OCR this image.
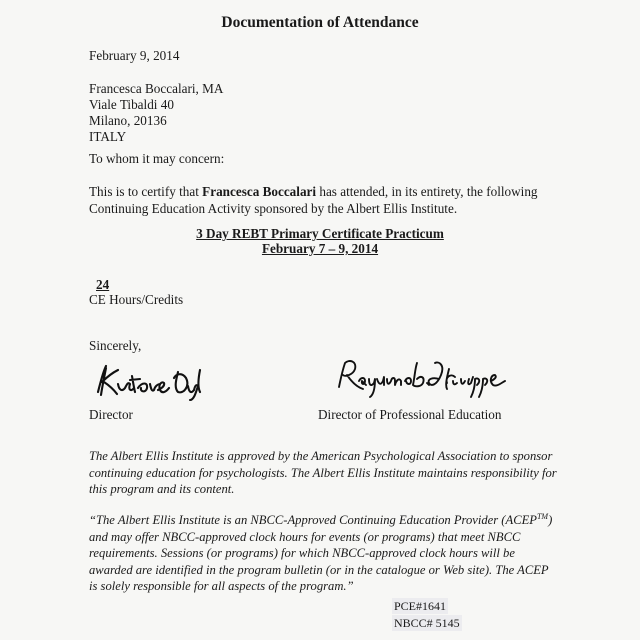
Documentation of Attendance
February 9, 2014
Francesca Boccalari, MA
Viale Tibaldi 40
Milano, 20136
ITALY
To whom it may concern:
This is to certify that Francesca Boccalari has attended, in its entirety, the following
Continuing Education Activity sponsored by the Albert Ellis Institute.
3 Day REBT Primary Certificate Practicum
February 7 – 9, 2014
24
CE Hours/Credits
Sincerely,
Director	Director of Professional Education
The Albert Ellis Institute is approved by the American Psychological Association to sponsor
continuing education for psychologists. The Albert Ellis Institute maintains responsibility for
this program and its content.
“The Albert Ellis Institute is an NBCC-Approved Continuing Education Provider (ACEP™)
and may offer NBCC-approved clock hours for events (or programs) that meet NBCC
requirements. Sessions (or programs) for which NBCC-approved clock hours will be
awarded are identified in the program bulletin (or in the catalogue or Web site). The ACEP
is solely responsible for all aspects of the program.”
PCE#1641
NBCC# 5145
